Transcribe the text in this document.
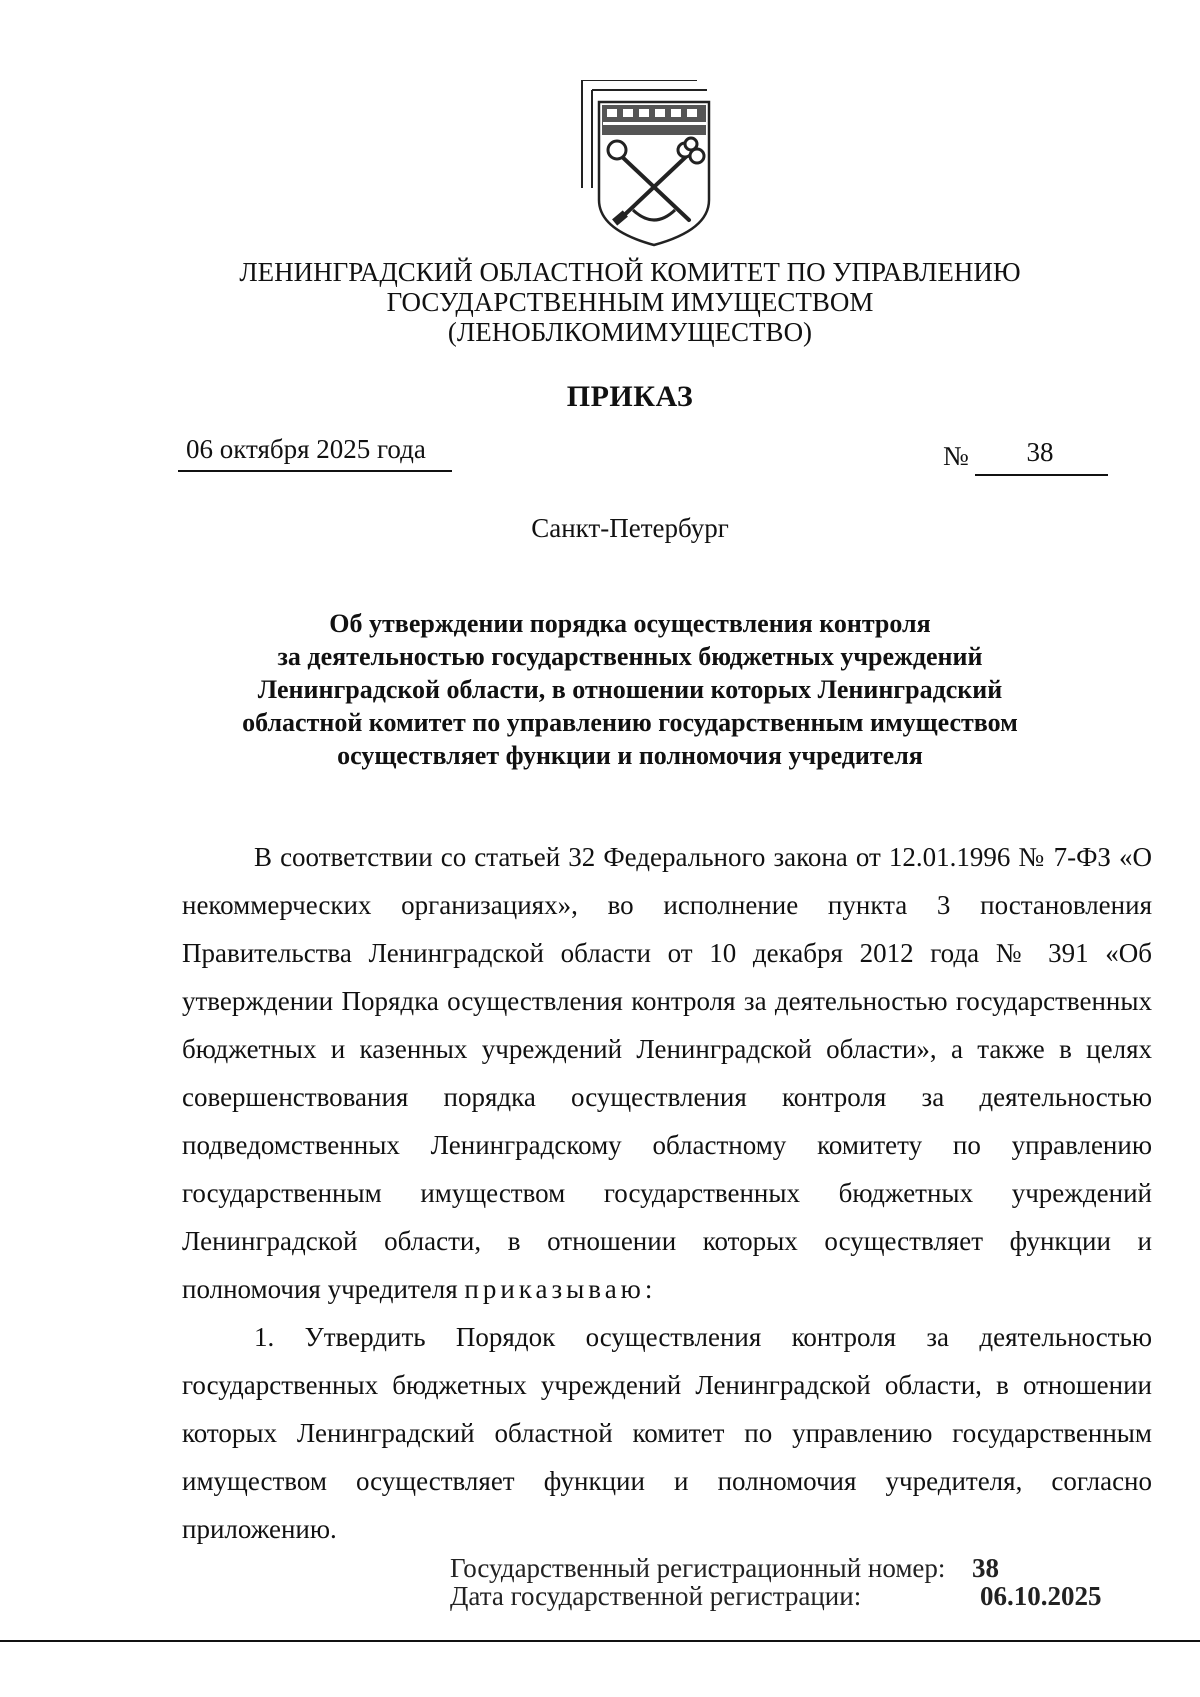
ЛЕНИНГРАДСКИЙ ОБЛАСТНОЙ КОМИТЕТ ПО УПРАВЛЕНИЮ
ГОСУДАРСТВЕННЫМ ИМУЩЕСТВОМ
(ЛЕНОБЛКОМИМУЩЕСТВО)
ПРИКАЗ
06 октября 2025 года	№	38
Санкт-Петербург
Об утверждении порядка осуществления контроля
за деятельностью государственных бюджетных учреждений
Ленинградской области, в отношении которых Ленинградский
областной комитет по управлению государственным имуществом
осуществляет функции и полномочия учредителя

В соответствии со статьей 32 Федерального закона от 12.01.1996 № 7-ФЗ «О некоммерческих организациях», во исполнение пункта 3 постановления Правительства Ленинградской области от 10 декабря 2012 года № 391 «Об утверждении Порядка осуществления контроля за деятельностью государственных бюджетных и казенных учреждений Ленинградской области», а также в целях совершенствования порядка осуществления контроля за деятельностью подведомственных Ленинградскому областному комитету по управлению государственным имуществом государственных бюджетных учреждений Ленинградской области, в отношении которых осуществляет функции и полномочия учредителя приказываю:

1. Утвердить Порядок осуществления контроля за деятельностью государственных бюджетных учреждений Ленинградской области, в отношении которых Ленинградский областной комитет по управлению государственным имуществом осуществляет функции и полномочия учредителя, согласно приложению.

Государственный регистрационный номер: 38
Дата государственной регистрации:	06.10.2025
